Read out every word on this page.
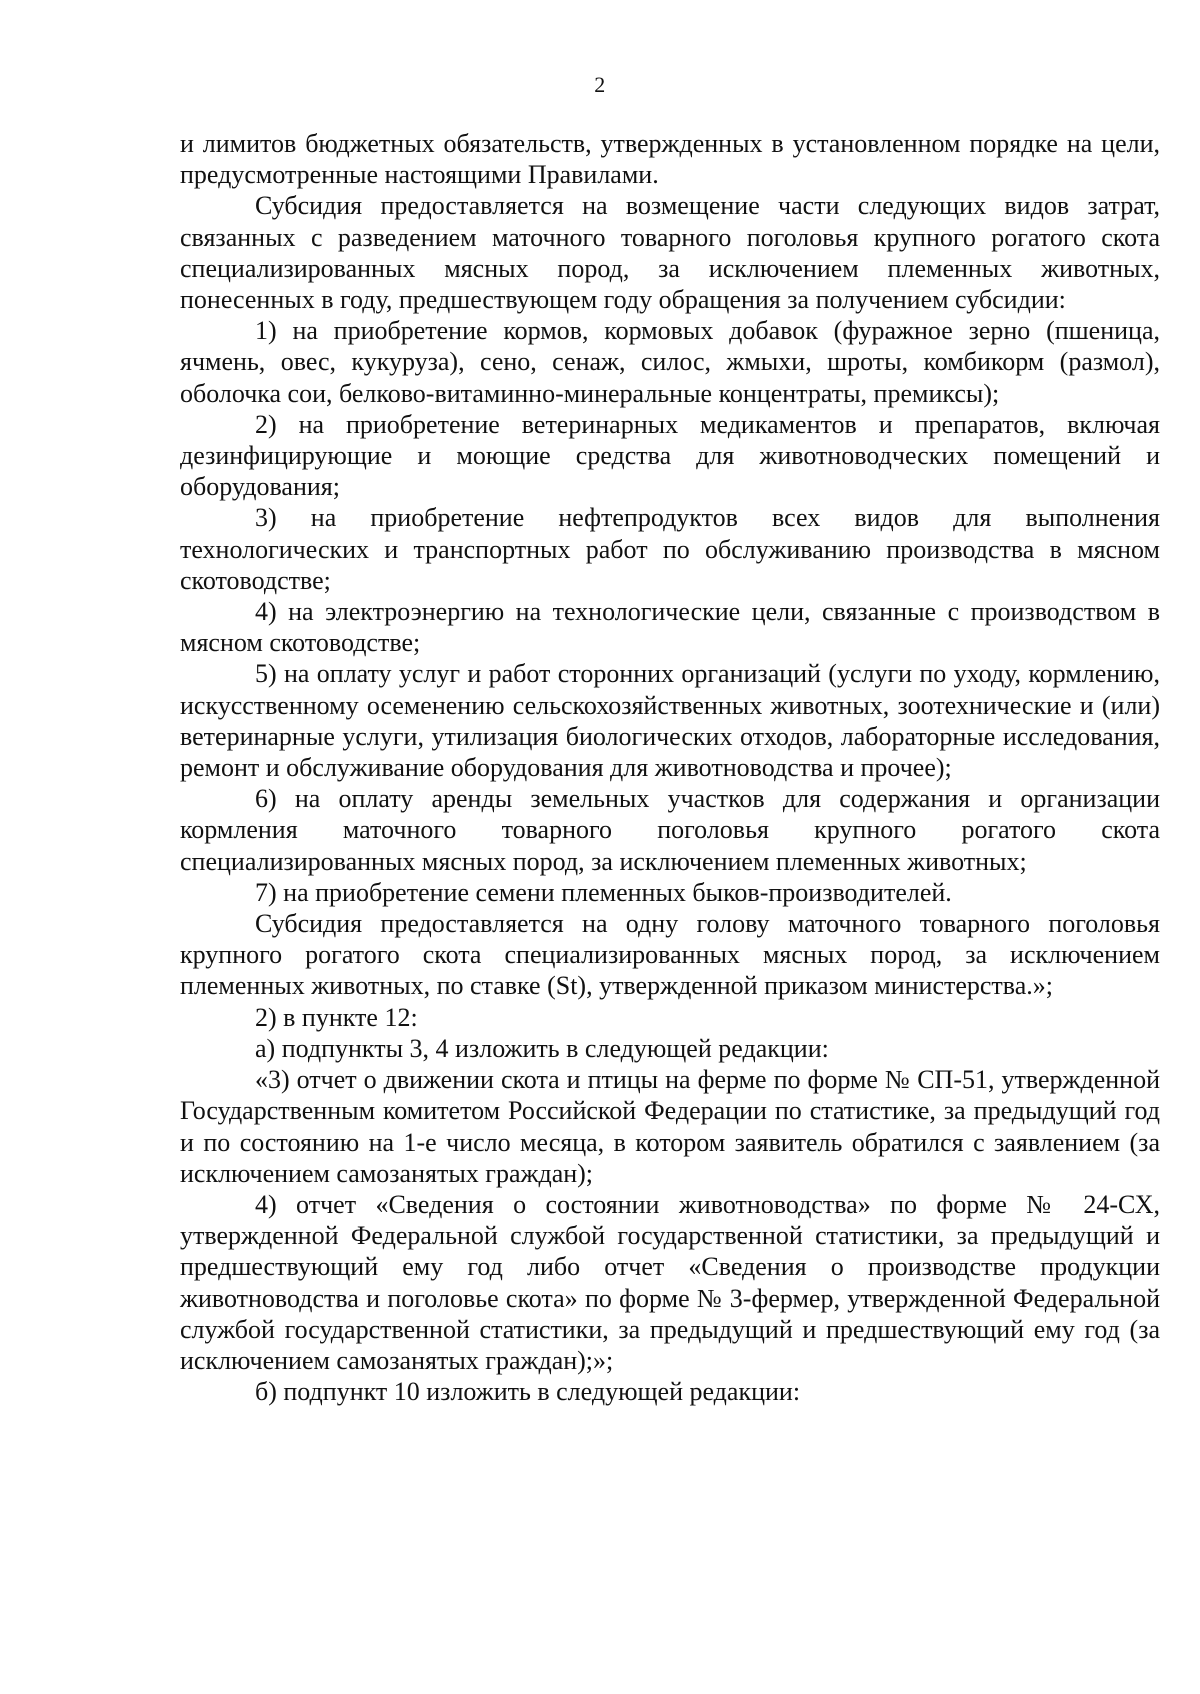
2

и лимитов бюджетных обязательств, утвержденных в установленном порядке на цели, предусмотренные настоящими Правилами.

Субсидия предоставляется на возмещение части следующих видов затрат, связанных с разведением маточного товарного поголовья крупного рогатого скота специализированных мясных пород, за исключением племенных животных, понесенных в году, предшествующем году обращения за получением субсидии:

1) на приобретение кормов, кормовых добавок (фуражное зерно (пшеница, ячмень, овес, кукуруза), сено, сенаж, силос, жмыхи, шроты, комбикорм (размол), оболочка сои, белково-витаминно-минеральные концентраты, премиксы);

2) на приобретение ветеринарных медикаментов и препаратов, включая дезинфицирующие и моющие средства для животноводческих помещений и оборудования;

3) на приобретение нефтепродуктов всех видов для выполнения технологических и транспортных работ по обслуживанию производства в мясном скотоводстве;

4) на электроэнергию на технологические цели, связанные с производством в мясном скотоводстве;

5) на оплату услуг и работ сторонних организаций (услуги по уходу, кормлению, искусственному осеменению сельскохозяйственных животных, зоотехнические и (или) ветеринарные услуги, утилизация биологических отходов, лабораторные исследования, ремонт и обслуживание оборудования для животноводства и прочее);

6) на оплату аренды земельных участков для содержания и организации кормления маточного товарного поголовья крупного рогатого скота специализированных мясных пород, за исключением племенных животных;

7) на приобретение семени племенных быков-производителей.

Субсидия предоставляется на одну голову маточного товарного поголовья крупного рогатого скота специализированных мясных пород, за исключением племенных животных, по ставке (St), утвержденной приказом министерства.»;

2) в пункте 12:

а) подпункты 3, 4 изложить в следующей редакции:

«3) отчет о движении скота и птицы на ферме по форме № СП-51, утвержденной Государственным комитетом Российской Федерации по статистике, за предыдущий год и по состоянию на 1-е число месяца, в котором заявитель обратился с заявлением (за исключением самозанятых граждан);

4) отчет «Сведения о состоянии животноводства» по форме № 24-СХ, утвержденной Федеральной службой государственной статистики, за предыдущий и предшествующий ему год либо отчет «Сведения о производстве продукции животноводства и поголовье скота» по форме № 3-фермер, утвержденной Федеральной службой государственной статистики, за предыдущий и предшествующий ему год (за исключением самозанятых граждан);»;

б) подпункт 10 изложить в следующей редакции:
